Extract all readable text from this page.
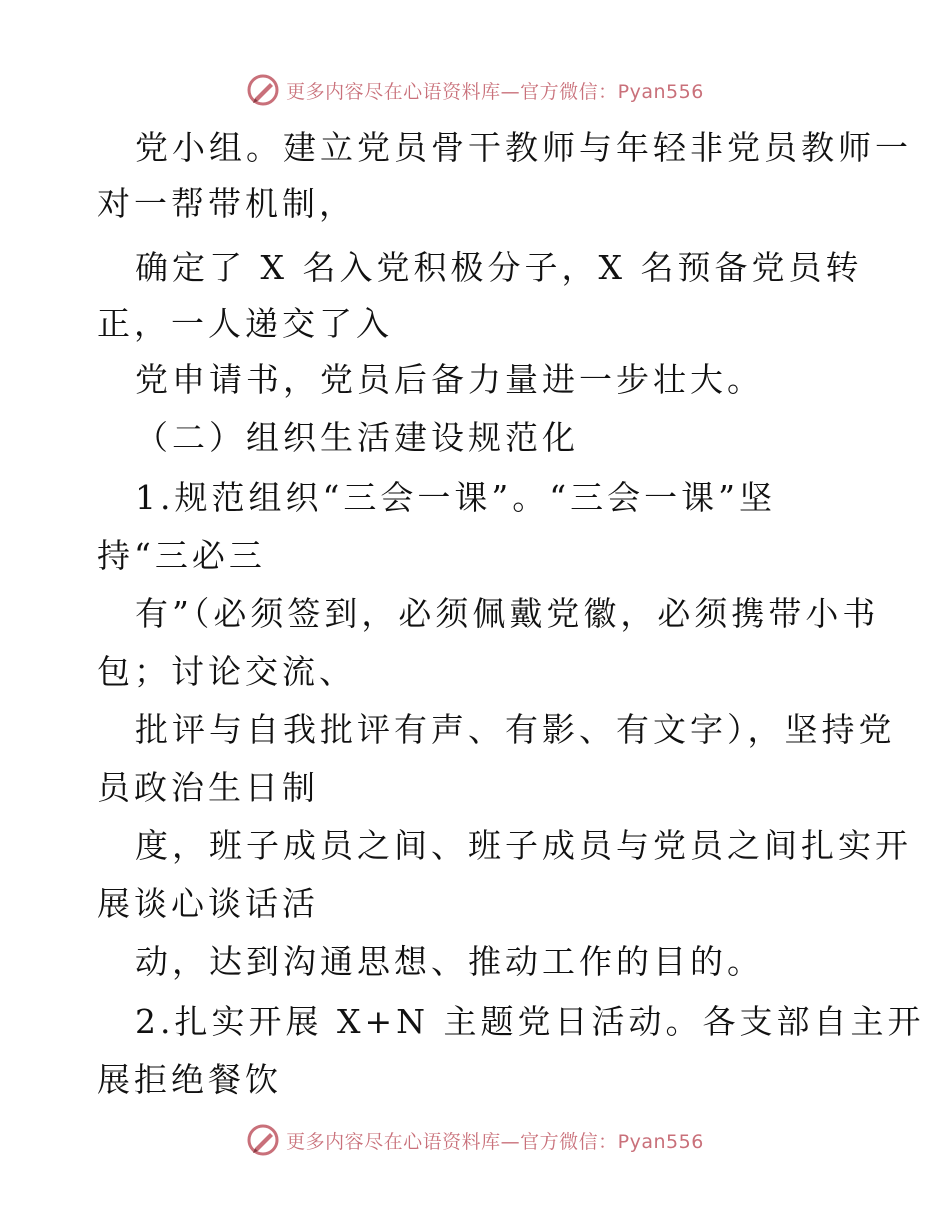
更多内容尽在心语资料库—官方微信：Pyan556
党小组。建立党员骨干教师与年轻非党员教师一
对一帮带机制，
确定了 X 名入党积极分子，X 名预备党员转
正，一人递交了入
党申请书，党员后备力量进一步壮大。
（二）组织生活建设规范化
1.规范组织“三会一课”。“三会一课”坚
持“三必三
有”（必须签到，必须佩戴党徽，必须携带小书
包；讨论交流、
批评与自我批评有声、有影、有文字），坚持党
员政治生日制
度，班子成员之间、班子成员与党员之间扎实开
展谈心谈话活
动，达到沟通思想、推动工作的目的。
2.扎实开展 X+N 主题党日活动。各支部自主开
展拒绝餐饮
更多内容尽在心语资料库—官方微信：Pyan556
